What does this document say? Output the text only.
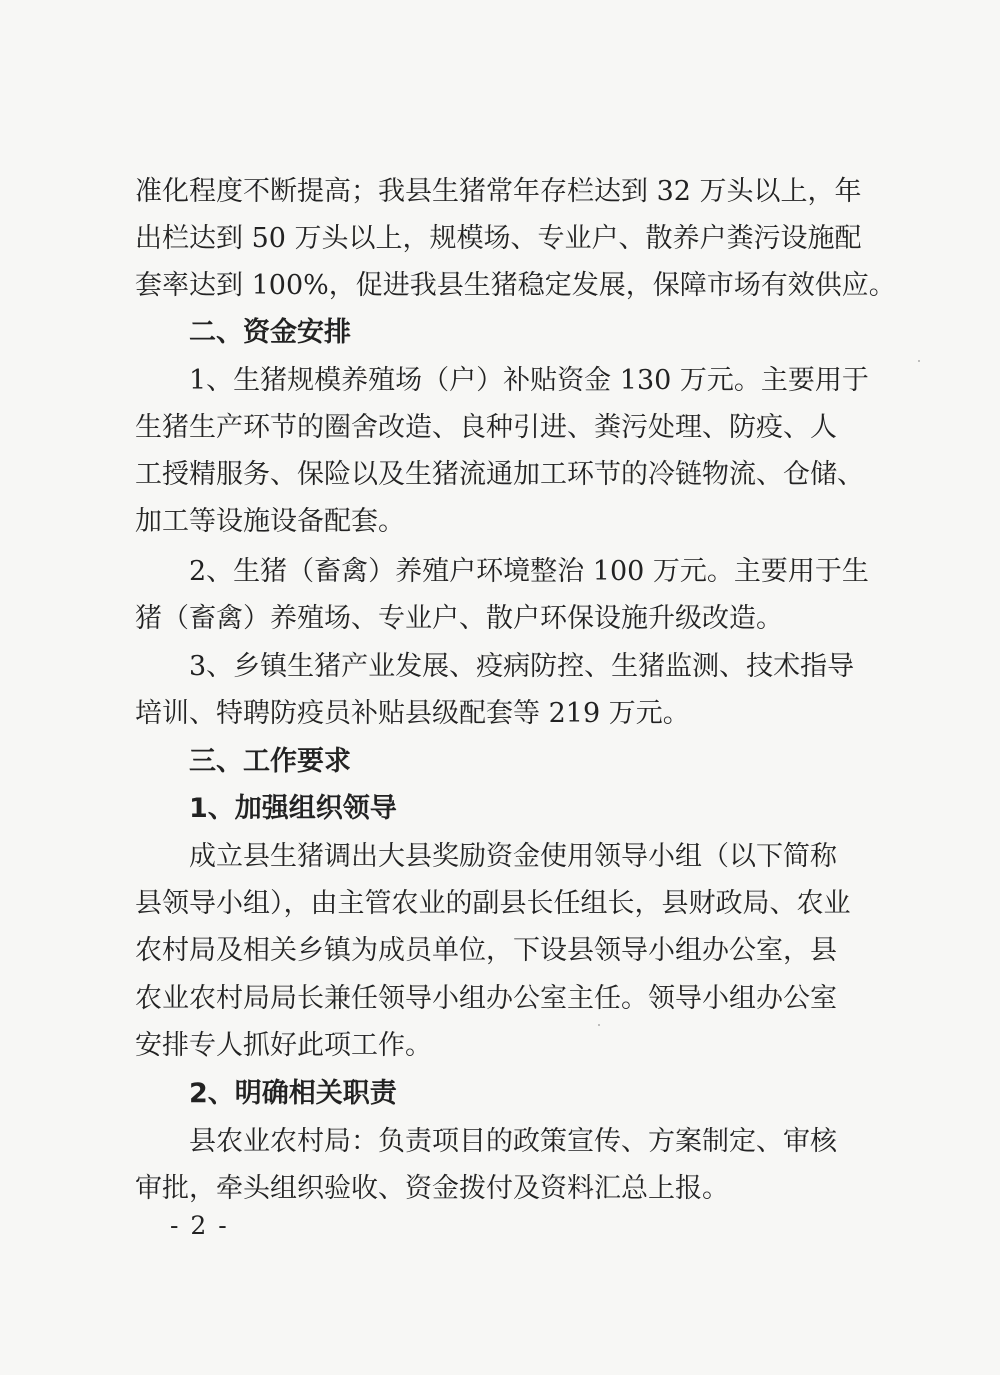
准化程度不断提高；我县生猪常年存栏达到 32 万头以上，年
出栏达到 50 万头以上，规模场、专业户、散养户粪污设施配
套率达到 100%，促进我县生猪稳定发展，保障市场有效供应。
二、资金安排
1、生猪规模养殖场（户）补贴资金 130 万元。主要用于
生猪生产环节的圈舍改造、良种引进、粪污处理、防疫、人
工授精服务、保险以及生猪流通加工环节的冷链物流、仓储、
加工等设施设备配套。
2、生猪（畜禽）养殖户环境整治 100 万元。主要用于生
猪（畜禽）养殖场、专业户、散户环保设施升级改造。
3、乡镇生猪产业发展、疫病防控、生猪监测、技术指导
培训、特聘防疫员补贴县级配套等 219 万元。
三、工作要求
1、加强组织领导
成立县生猪调出大县奖励资金使用领导小组（以下简称
县领导小组），由主管农业的副县长任组长，县财政局、农业
农村局及相关乡镇为成员单位，下设县领导小组办公室，县
农业农村局局长兼任领导小组办公室主任。领导小组办公室
安排专人抓好此项工作。
2、明确相关职责
县农业农村局：负责项目的政策宣传、方案制定、审核
审批，牵头组织验收、资金拨付及资料汇总上报。
- 2 -
